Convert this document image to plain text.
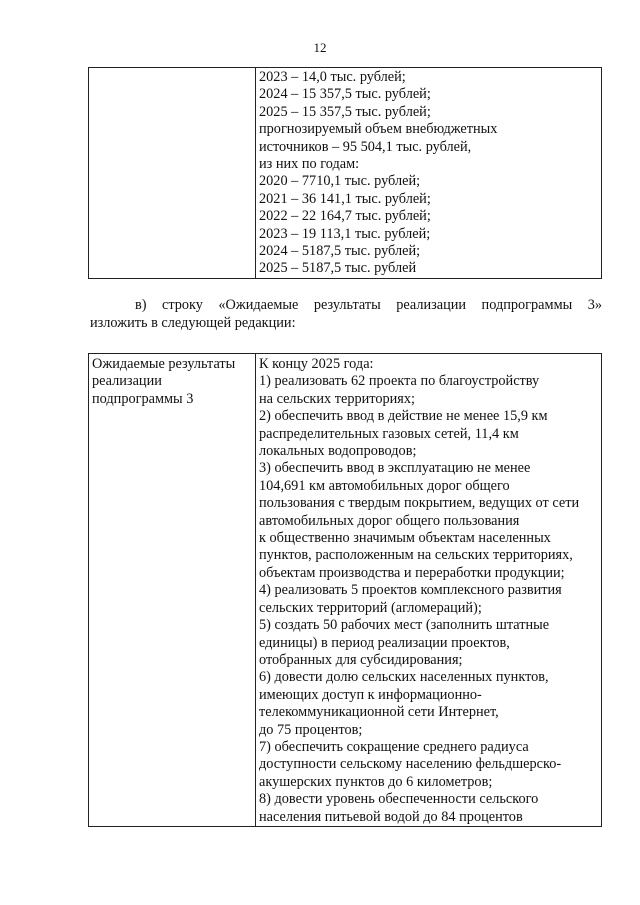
12

2023 – 14,0 тыс. рублей;
2024 – 15 357,5 тыс. рублей;
2025 – 15 357,5 тыс. рублей;
прогнозируемый объем внебюджетных
источников – 95 504,1 тыс. рублей,
из них по годам:
2020 – 7710,1 тыс. рублей;
2021 – 36 141,1 тыс. рублей;
2022 – 22 164,7 тыс. рублей;
2023 – 19 113,1 тыс. рублей;
2024 – 5187,5 тыс. рублей;
2025 – 5187,5 тыс. рублей
в) строку «Ожидаемые результаты реализации подпрограммы 3»
изложить в следующей редакции:
Ожидаемые результаты
реализации
подпрограммы 3

К концу 2025 года:
1) реализовать 62 проекта по благоустройству
на сельских территориях;
2) обеспечить ввод в действие не менее 15,9 км
распределительных газовых сетей, 11,4 км
локальных водопроводов;
3) обеспечить ввод в эксплуатацию не менее
104,691 км автомобильных дорог общего
пользования с твердым покрытием, ведущих от сети
автомобильных дорог общего пользования
к общественно значимым объектам населенных
пунктов, расположенным на сельских территориях,
объектам производства и переработки продукции;
4) реализовать 5 проектов комплексного развития
сельских территорий (агломераций);
5) создать 50 рабочих мест (заполнить штатные
единицы) в период реализации проектов,
отобранных для субсидирования;
6) довести долю сельских населенных пунктов,
имеющих доступ к информационно-
телекоммуникационной сети Интернет,
до 75 процентов;
7) обеспечить сокращение среднего радиуса
доступности сельскому населению фельдшерско-
акушерских пунктов до 6 километров;
8) довести уровень обеспеченности сельского
населения питьевой водой до 84 процентов
